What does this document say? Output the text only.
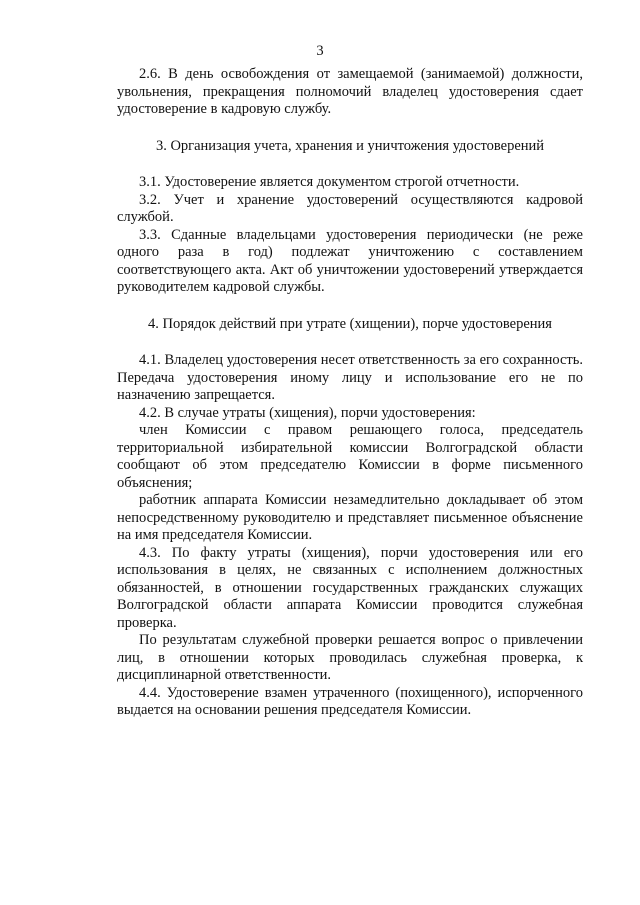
3

2.6. В день освобождения от замещаемой (занимаемой) должности, увольнения, прекращения полномочий владелец удостоверения сдает удостоверение в кадровую службу.

3. Организация учета, хранения и уничтожения удостоверений

3.1. Удостоверение является документом строгой отчетности.

3.2. Учет и хранение удостоверений осуществляются кадровой службой.

3.3. Сданные владельцами удостоверения периодически (не реже одного раза в год) подлежат уничтожению с составлением соответствующего акта. Акт об уничтожении удостоверений утверждается руководителем кадровой службы.

4. Порядок действий при утрате (хищении), порче удостоверения

4.1. Владелец удостоверения несет ответственность за его сохранность. Передача удостоверения иному лицу и использование его не по назначению запрещается.

4.2. В случае утраты (хищения), порчи удостоверения:

член Комиссии с правом решающего голоса, председатель территориальной избирательной комиссии Волгоградской области сообщают об этом председателю Комиссии в форме письменного объяснения;

работник аппарата Комиссии незамедлительно докладывает об этом непосредственному руководителю и представляет письменное объяснение на имя председателя Комиссии.

4.3. По факту утраты (хищения), порчи удостоверения или его использования в целях, не связанных с исполнением должностных обязанностей, в отношении государственных гражданских служащих Волгоградской области аппарата Комиссии проводится служебная проверка.

По результатам служебной проверки решается вопрос о привлечении лиц, в отношении которых проводилась служебная проверка, к дисциплинарной ответственности.

4.4. Удостоверение взамен утраченного (похищенного), испорченного выдается на основании решения председателя Комиссии.
